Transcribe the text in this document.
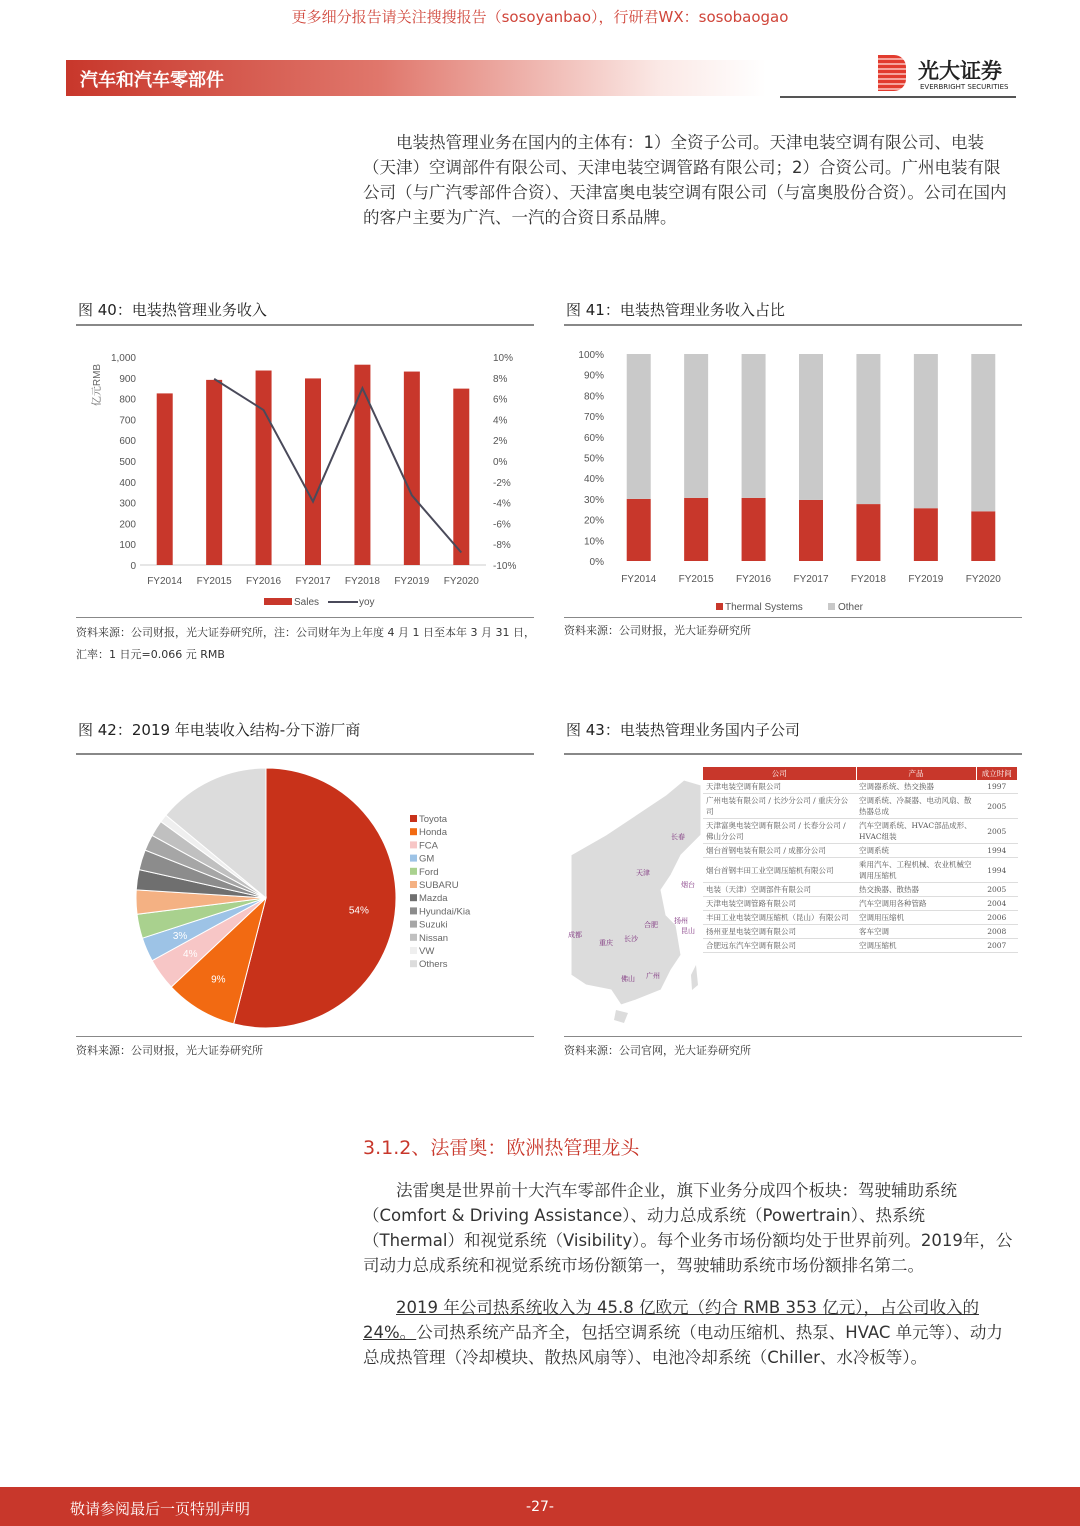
更多细分报告请关注搜搜报告（sosoyanbao），行研君WX：sosobaogao
汽车和汽车零部件	光大证券
EVERBRIGHT SECURITIES
电装热管理业务在国内的主体有：1）全资子公司。天津电装空调有限公司、电装（天津）空调部件有限公司、天津电装空调管路有限公司；2）合资公司。广州电装有限公司（与广汽零部件合资）、天津富奥电装空调有限公司（与富奥股份合资）。公司在国内的客户主要为广汽、一汽的合资日系品牌。
图 40：电装热管理业务收入
0
100
200
300
400
500
600
700
800
900
1,000
-10%
-8%
-6%
-4%
-2%
0%
2%
4%
6%
8%
10%
亿元RMB
FY2014 FY2015 FY2016 FY2017 FY2018 FY2019 FY2020
Sales	yoy
资料来源：公司财报，光大证券研究所，注：公司财年为上年度 4 月 1 日至本年 3 月 31 日，汇率：1 日元=0.066 元 RMB
图 41：电装热管理业务收入占比
0%
10%
20%
30%
40%
50%
60%
70%
80%
90%
100%
FY2014 FY2015 FY2016 FY2017 FY2018 FY2019 FY2020
Thermal Systems	Other
资料来源：公司财报，光大证券研究所
图 42：2019 年电装收入结构-分下游厂商
54%
Toyota
9%
Honda
4%
FCA
3%
GM
Ford
SUBARU
Mazda
Hyundai/Kia
Suzuki
Nissan
VW
Others
资料来源：公司财报，光大证券研究所
图 43：电装热管理业务国内子公司
长春
天津
烟台
合肥
扬州
昆山
成都
重庆
长沙
佛山 广州
公司	产品	成立时间
天津电装空调有限公司	空调器系统、热交换器	1997
广州电装有限公司 / 长沙分公司 / 重庆分公司	空调系统、冷凝器、电动风扇、散热器总成	2005
天津富奥电装空调有限公司 / 长春分公司 / 佛山分公司	汽车空调系统、HVAC部品成形、HVAC组装	2005
烟台首钢电装有限公司 / 成都分公司	空调系统	1994
烟台首钢丰田工业空调压缩机有限公司	乘用汽车、工程机械、农业机械空调用压缩机	1994
电装（天津）空调部件有限公司	热交换器、散热器	2005
天津电装空调管路有限公司	汽车空调用各种管路	2004
丰田工业电装空调压缩机（昆山）有限公司	空调用压缩机	2006
扬州亚星电装空调有限公司	客车空调	2008
合肥远东汽车空调有限公司	空调压缩机	2007
资料来源：公司官网，光大证券研究所
3.1.2、法雷奥：欧洲热管理龙头
法雷奥是世界前十大汽车零部件企业，旗下业务分成四个板块：驾驶辅助系统（Comfort & Driving Assistance）、动力总成系统（Powertrain）、热系统（Thermal）和视觉系统（Visibility）。每个业务市场份额均处于世界前列。2019年，公司动力总成系统和视觉系统市场份额第一，驾驶辅助系统市场份额排名第二。
2019 年公司热系统收入为 45.8 亿欧元（约合 RMB 353 亿元），占公司收入的 24%。公司热系统产品齐全，包括空调系统（电动压缩机、热泵、HVAC 单元等）、动力总成热管理（冷却模块、散热风扇等）、电池冷却系统（Chiller、水冷板等）。
敬请参阅最后一页特别声明	-27-
